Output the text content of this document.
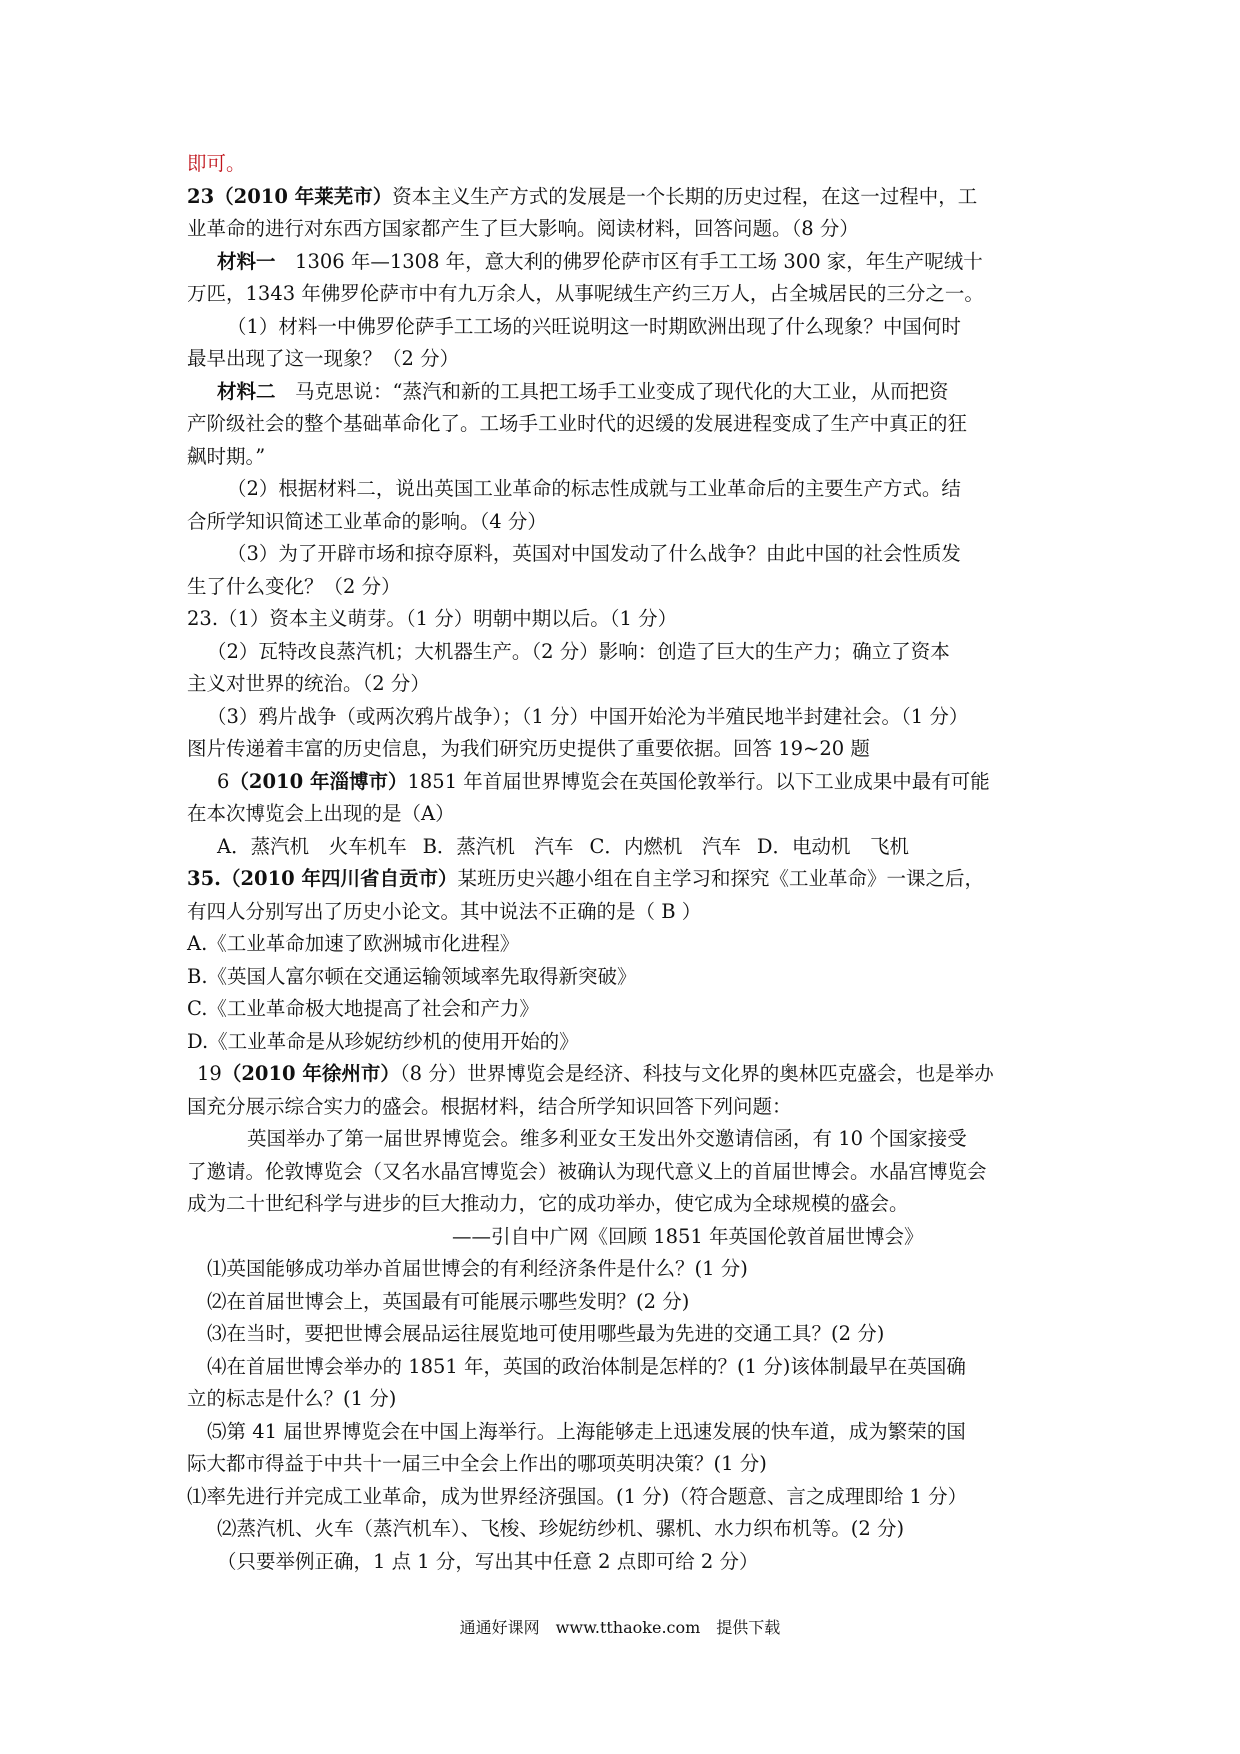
即可。
23（2010 年莱芜市）资本主义生产方式的发展是一个长期的历史过程，在这一过程中，工
业革命的进行对东西方国家都产生了巨大影响。阅读材料，回答问题。（8 分）
材料一　 1306 年—1308 年，意大利的佛罗伦萨市区有手工工场 300 家，年生产呢绒十
万匹，1343 年佛罗伦萨市中有九万余人，从事呢绒生产约三万人，占全城居民的三分之一。
（1）材料一中佛罗伦萨手工工场的兴旺说明这一时期欧洲出现了什么现象？中国何时
最早出现了这一现象？（2 分）
材料二　 马克思说：“蒸汽和新的工具把工场手工业变成了现代化的大工业，从而把资
产阶级社会的整个基础革命化了。工场手工业时代的迟缓的发展进程变成了生产中真正的狂
飙时期。”
（2）根据材料二，说出英国工业革命的标志性成就与工业革命后的主要生产方式。结
合所学知识简述工业革命的影响。（4 分）
（3）为了开辟市场和掠夺原料，英国对中国发动了什么战争？由此中国的社会性质发
生了什么变化？（2 分）
23.（1）资本主义萌芽。（1 分）明朝中期以后。（1 分）
（2）瓦特改良蒸汽机；大机器生产。（2 分）影响：创造了巨大的生产力；确立了资本
主义对世界的统治。（2 分）
（3）鸦片战争（或两次鸦片战争）；（1 分）中国开始沦为半殖民地半封建社会。（1 分）
图片传递着丰富的历史信息，为我们研究历史提供了重要依据。回答 19~20 题
6（2010 年淄博市）1851 年首届世界博览会在英国伦敦举行。以下工业成果中最有可能
在本次博览会上出现的是（A）
A．蒸汽机　火车机车 B．蒸汽机　汽车 C．内燃机　汽车 D．电动机　飞机
35.（2010 年四川省自贡市）某班历史兴趣小组在自主学习和探究《工业革命》一课之后，
有四人分别写出了历史小论文。其中说法不正确的是（ B ）
A.《工业革命加速了欧洲城市化进程》
B.《英国人富尔顿在交通运输领域率先取得新突破》
C.《工业革命极大地提高了社会和产力》
D.《工业革命是从珍妮纺纱机的使用开始的》
19（2010 年徐州市）（8 分）世界博览会是经济、科技与文化界的奥林匹克盛会，也是举办
国充分展示综合实力的盛会。根据材料，结合所学知识回答下列问题：
英国举办了第一届世界博览会。维多利亚女王发出外交邀请信函，有 10 个国家接受
了邀请。伦敦博览会（又名水晶宫博览会）被确认为现代意义上的首届世博会。水晶宫博览会
成为二十世纪科学与进步的巨大推动力，它的成功举办，使它成为全球规模的盛会。
——引自中广网《回顾 1851 年英国伦敦首届世博会》
⑴英国能够成功举办首届世博会的有利经济条件是什么？(1 分)
⑵在首届世博会上，英国最有可能展示哪些发明？(2 分)
⑶在当时，要把世博会展品运往展览地可使用哪些最为先进的交通工具？(2 分)
⑷在首届世博会举办的 1851 年，英国的政治体制是怎样的？(1 分)该体制最早在英国确
立的标志是什么？(1 分)
⑸第 41 届世界博览会在中国上海举行。上海能够走上迅速发展的快车道，成为繁荣的国
际大都市得益于中共十一届三中全会上作出的哪项英明决策？(1 分)
⑴率先进行并完成工业革命，成为世界经济强国。(1 分)（符合题意、言之成理即给 1 分）
⑵蒸汽机、火车（蒸汽机车）、飞梭、珍妮纺纱机、骡机、水力织布机等。(2 分)
（只要举例正确，1 点 1 分，写出其中任意 2 点即可给 2 分）
通通好课网　www.tthaoke.com　提供下载
